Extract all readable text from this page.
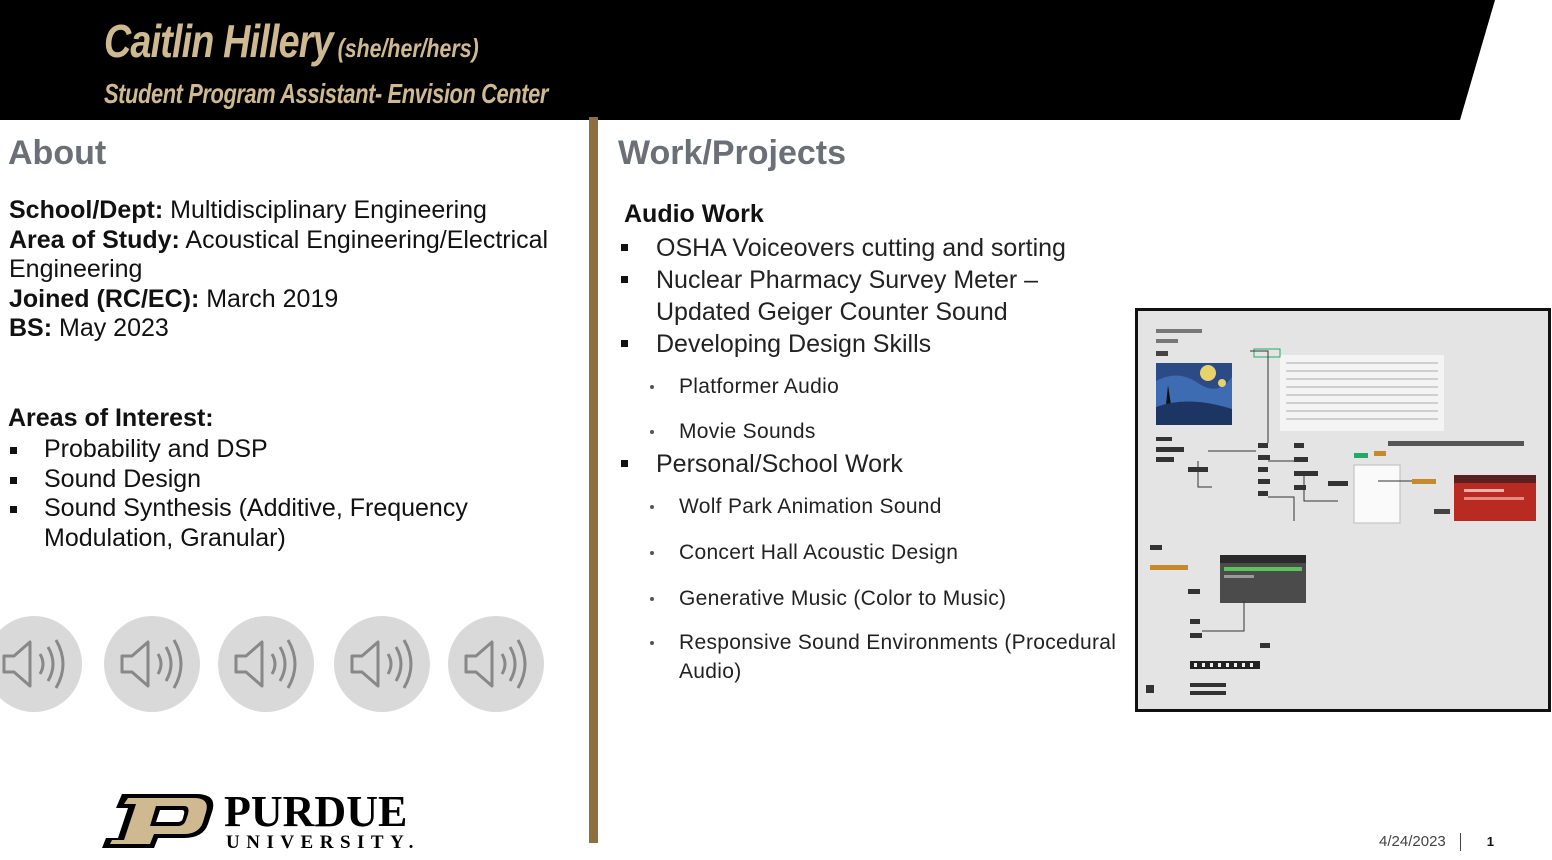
Caitlin Hillery (she/her/hers)

Student Program Assistant- Envision Center

About

School/Dept: Multidisciplinary Engineering

Area of Study: Acoustical Engineering/Electrical Engineering

Joined (RC/EC): March 2019

BS: May 2023

Areas of Interest:

Probability and DSP
Sound Design
Sound Synthesis (Additive, Frequency Modulation, Granular)

PURDUE

UNIVERSITY.

Work/Projects

Audio Work

OSHA Voiceovers cutting and sorting
Nuclear Pharmacy Survey Meter – Updated Geiger Counter Sound
Developing Design Skills
Platformer Audio
Movie Sounds
Personal/School Work
Wolf Park Animation Sound
Concert Hall Acoustic Design
Generative Music (Color to Music)
Responsive Sound Environments (Procedural Audio)
4/24/2023	1
